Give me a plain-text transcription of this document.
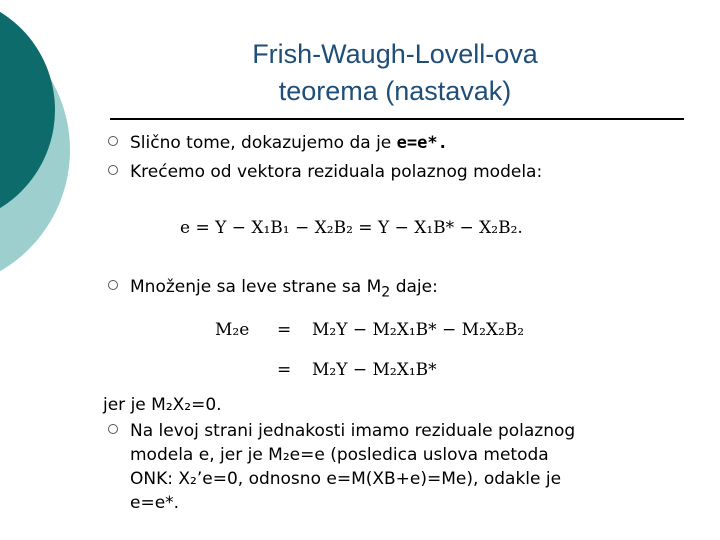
Frish-Waugh-Lovell-ova
teorema (nastavak)
Slično tome, dokazujemo da je e=e*.
Krećemo od vektora reziduala polaznog modela:
e = Y − X₁B₁ − X₂B₂ = Y − X₁B* − X₂B₂.
Množenje sa leve strane sa $M_2$ daje:
M₂e = M₂Y − M₂X₁B* − M₂X₂B₂
= M₂Y − M₂X₁B*
jer je M₂X₂=0.
Na levoj strani jednakosti imamo reziduale polaznog
modela e, jer je M₂e=e (posledica uslova metoda
ONK: X₂’e=0, odnosno e=M(XB+e)=Me), odakle je
e=e*.
